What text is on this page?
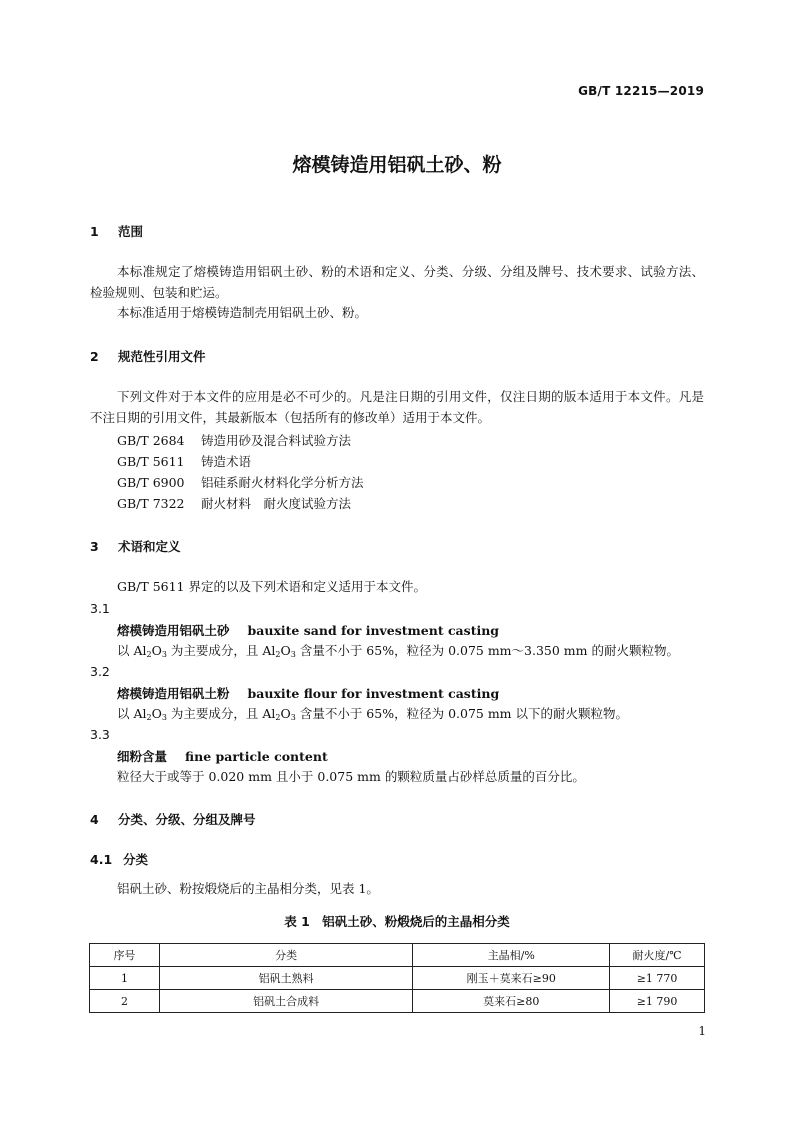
GB/T 12215—2019
熔模铸造用铝矾土砂、粉
1 范围
本标准规定了熔模铸造用铝矾土砂、粉的术语和定义、分类、分级、分组及牌号、技术要求、试验方法、检验规则、包装和贮运。
本标准适用于熔模铸造制壳用铝矾土砂、粉。
2 规范性引用文件
下列文件对于本文件的应用是必不可少的。凡是注日期的引用文件，仅注日期的版本适用于本文件。凡是不注日期的引用文件，其最新版本（包括所有的修改单）适用于本文件。
GB/T 2684 铸造用砂及混合料试验方法
GB/T 5611 铸造术语
GB/T 6900 铝硅系耐火材料化学分析方法
GB/T 7322 耐火材料　耐火度试验方法
3 术语和定义
GB/T 5611 界定的以及下列术语和定义适用于本文件。
3.1
熔模铸造用铝矾土砂 bauxite sand for investment casting
以 $Al_2O_3$ 为主要成分，且 $Al_2O_3$ 含量不小于 65%，粒径为 0.075 mm～3.350 mm 的耐火颗粒物。
3.2
熔模铸造用铝矾土粉 bauxite flour for investment casting
以 $Al_2O_3$ 为主要成分，且 $Al_2O_3$ 含量不小于 65%，粒径为 0.075 mm 以下的耐火颗粒物。
3.3
细粉含量 fine particle content
粒径大于或等于 0.020 mm 且小于 0.075 mm 的颗粒质量占砂样总质量的百分比。
4 分类、分级、分组及牌号
4.1 分类
铝矾土砂、粉按煅烧后的主晶相分类，见表 1。
表 1　铝矾土砂、粉煅烧后的主晶相分类
序号	分类	主晶相/%	耐火度/℃
1	铝矾土熟料	刚玉＋莫来石≥90	≥1 770
2	铝矾土合成料	莫来石≥80	≥1 790
1
